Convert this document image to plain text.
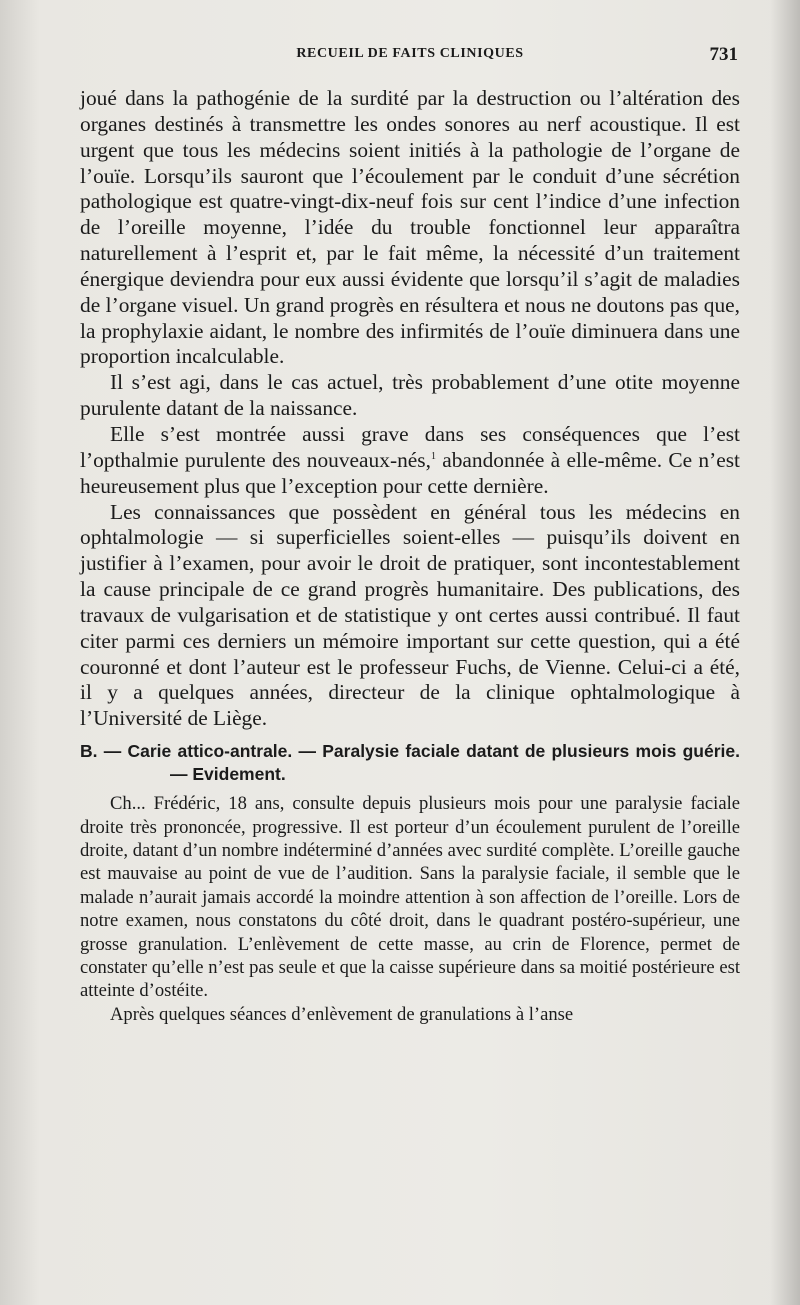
RECUEIL DE FAITS CLINIQUES	731

joué dans la pathogénie de la surdité par la destruction ou l’altération des organes destinés à transmettre les ondes sonores au nerf acoustique. Il est urgent que tous les médecins soient initiés à la pathologie de l’organe de l’ouïe. Lorsqu’ils sauront que l’écoulement par le conduit d’une sécrétion pathologique est quatre-vingt-dix-neuf fois sur cent l’indice d’une infection de l’oreille moyenne, l’idée du trouble fonctionnel leur apparaîtra naturellement à l’esprit et, par le fait même, la nécessité d’un traitement énergique deviendra pour eux aussi évidente que lorsqu’il s’agit de maladies de l’organe visuel. Un grand progrès en résultera et nous ne doutons pas que, la prophylaxie aidant, le nombre des infirmités de l’ouïe diminuera dans une proportion incalculable.

Il s’est agi, dans le cas actuel, très probablement d’une otite moyenne purulente datant de la naissance.

Elle s’est montrée aussi grave dans ses conséquences que l’est l’opthalmie purulente des nouveaux-nés,$^1$ abandonnée à elle-même. Ce n’est heureusement plus que l’exception pour cette dernière.

Les connaissances que possèdent en général tous les médecins en ophtalmologie — si superficielles soient-elles — puisqu’ils doivent en justifier à l’examen, pour avoir le droit de pratiquer, sont incontestablement la cause principale de ce grand progrès humanitaire. Des publications, des travaux de vulgarisation et de statistique y ont certes aussi contribué. Il faut citer parmi ces derniers un mémoire important sur cette question, qui a été couronné et dont l’auteur est le professeur Fuchs, de Vienne. Celui-ci a été, il y a quelques années, directeur de la clinique ophtalmologique à l’Université de Liège.

B. — Carie attico-antrale. — Paralysie faciale datant de plusieurs mois guérie. — Evidement.

Ch... Frédéric, 18 ans, consulte depuis plusieurs mois pour une paralysie faciale droite très prononcée, progressive. Il est porteur d’un écoulement purulent de l’oreille droite, datant d’un nombre indéterminé d’années avec surdité complète. L’oreille gauche est mauvaise au point de vue de l’audition. Sans la paralysie faciale, il semble que le malade n’aurait jamais accordé la moindre attention à son affection de l’oreille. Lors de notre examen, nous constatons du côté droit, dans le quadrant postéro-supérieur, une grosse granulation. L’enlèvement de cette masse, au crin de Florence, permet de constater qu’elle n’est pas seule et que la caisse supérieure dans sa moitié postérieure est atteinte d’ostéite.

Après quelques séances d’enlèvement de granulations à l’anse
